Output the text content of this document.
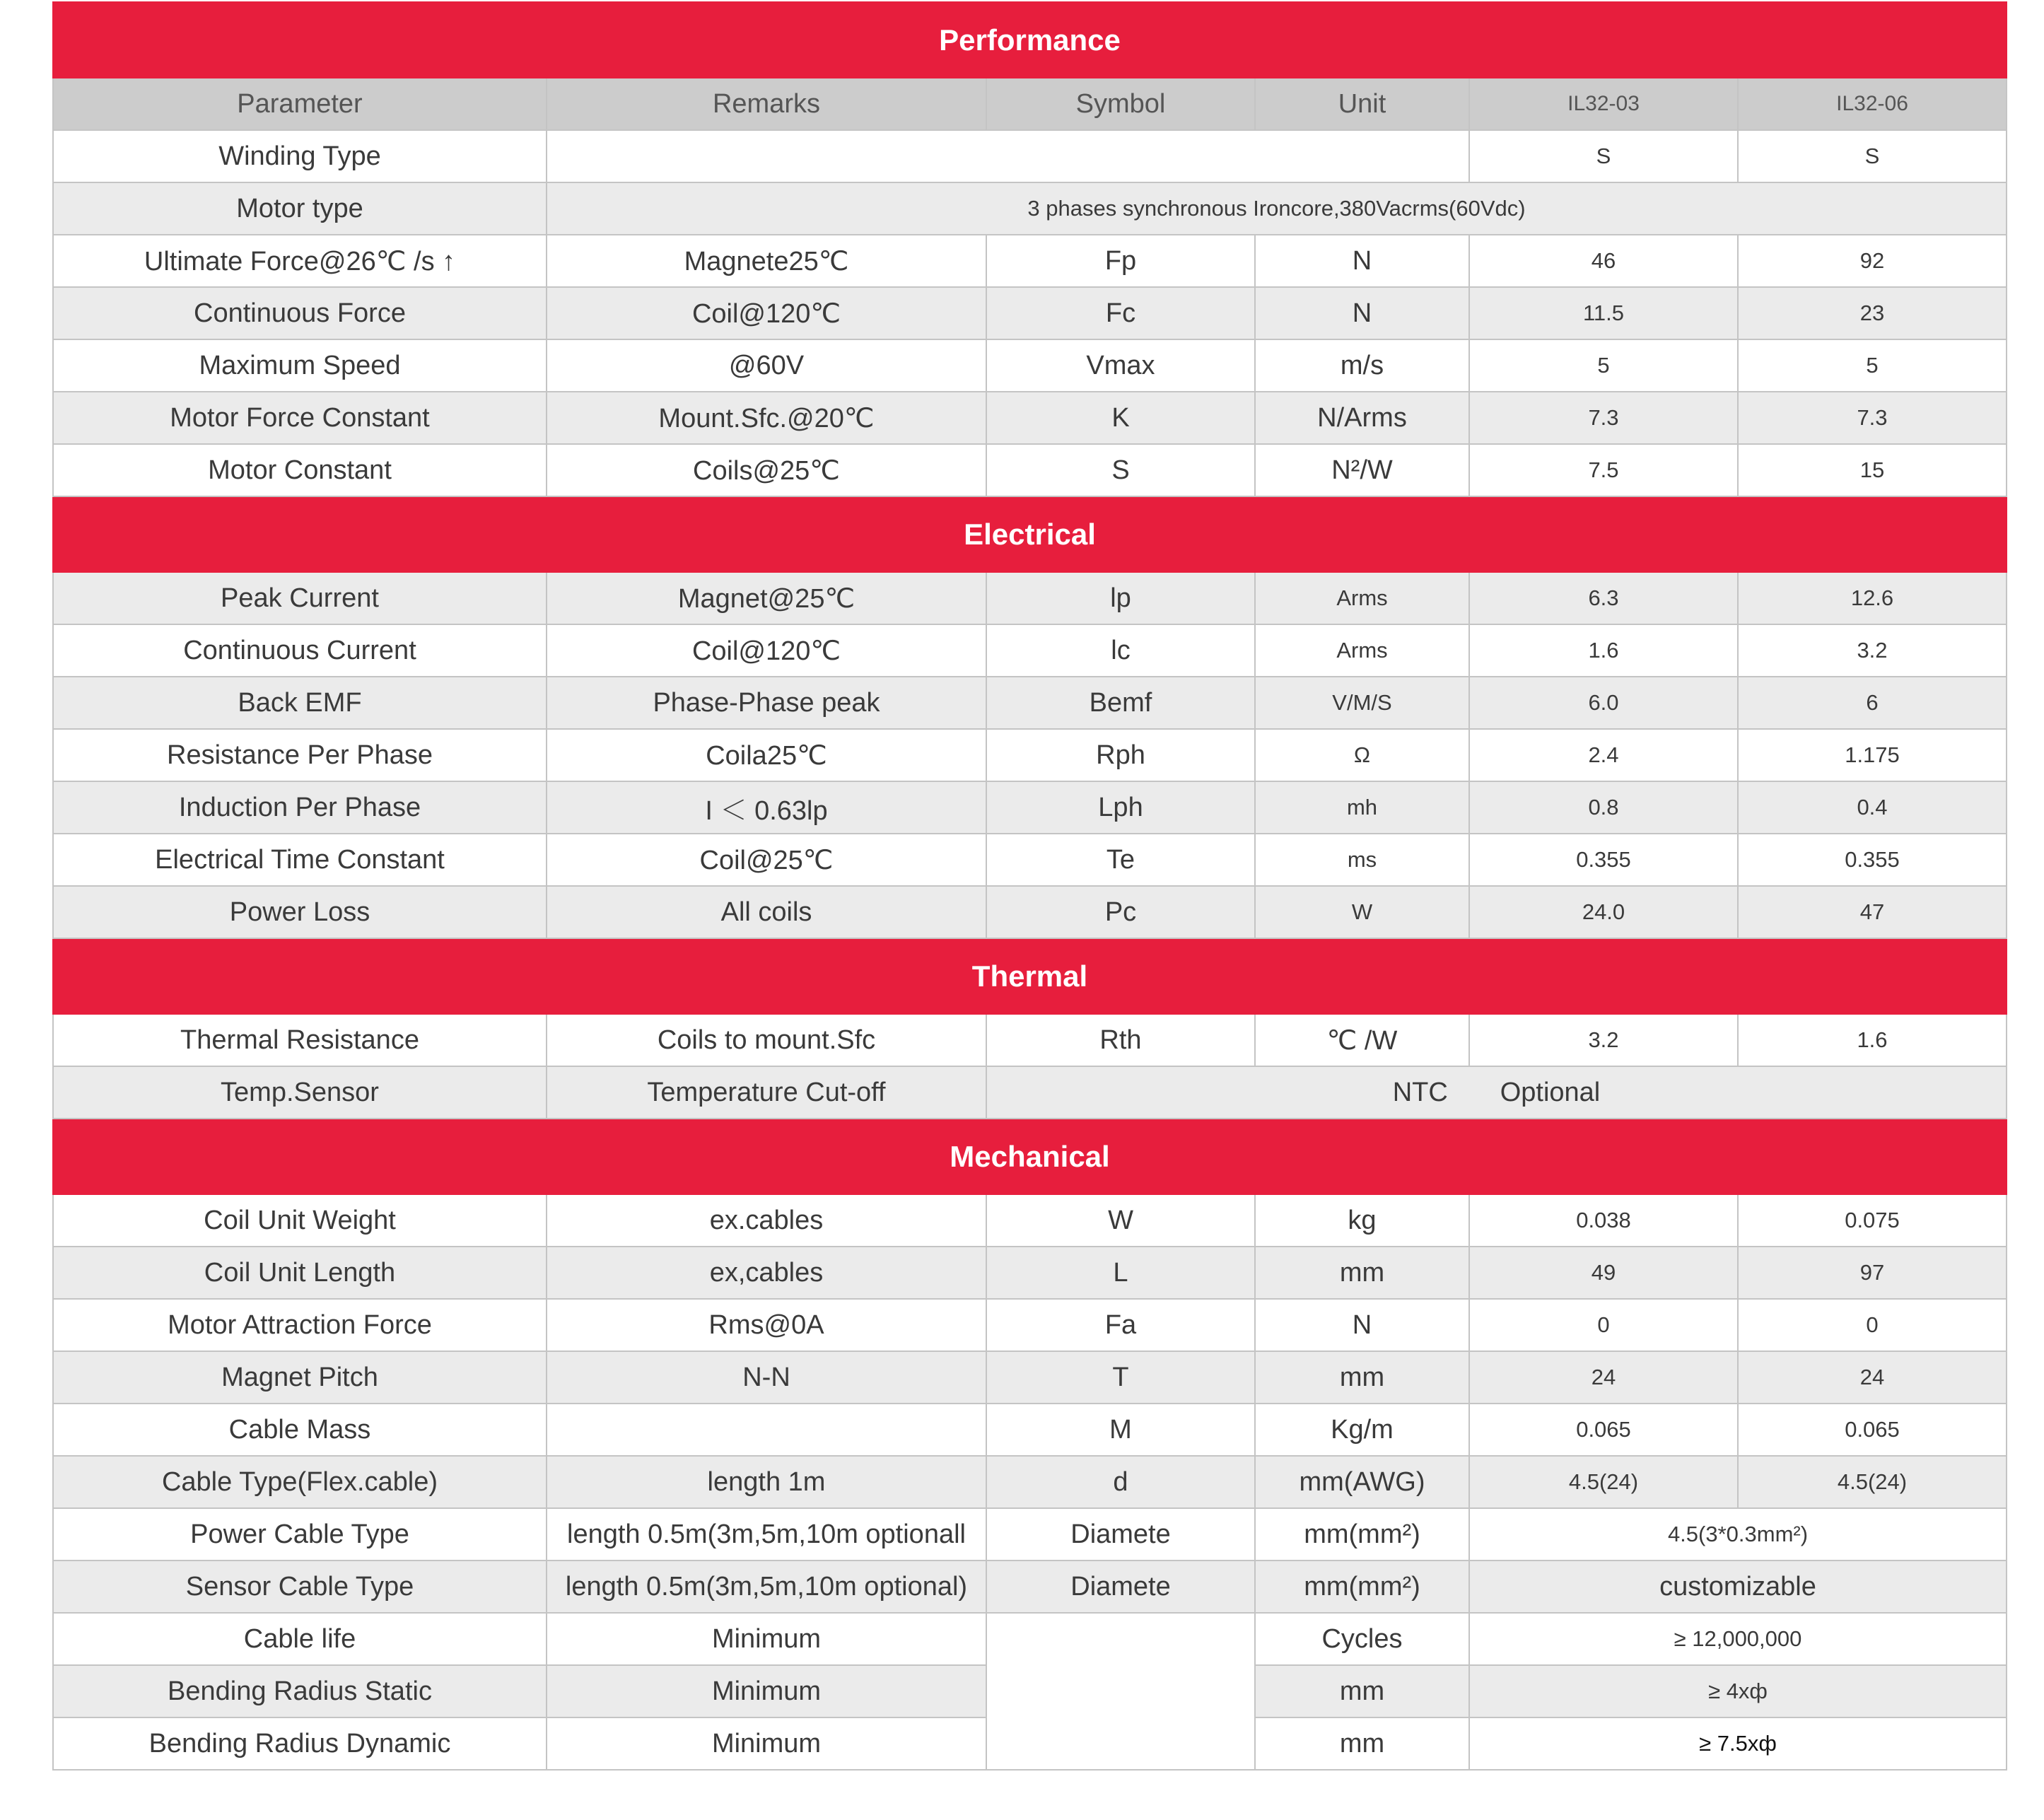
Performance					
Parameter	Remarks	Symbol	Unit	IL32-03	IL32-06
Winding Type				S	S
Motor type	3 phases synchronous Ironcore,380Vacrms(60Vdc)				
Ultimate Force@26℃ /s ↑	Magnete25℃	Fp	N	46	92
Continuous Force	Coil@120℃	Fc	N	11.5	23
Maximum Speed	@60V	Vmax	m/s	5	5
Motor Force Constant	Mount.Sfc.@20℃	K	N/Arms	7.3	7.3
Motor Constant	Coils@25℃	S	N²/W	7.5	15
Electrical					
Peak Current	Magnet@25℃	lp	Arms	6.3	12.6
Continuous Current	Coil@120℃	lc	Arms	1.6	3.2
Back EMF	Phase-Phase peak	Bemf	V/M/S	6.0	6
Resistance Per Phase	Coila25℃	Rph	Ω	2.4	1.175
Induction Per Phase	I ＜ 0.63lp	Lph	mh	0.8	0.4
Electrical Time Constant	Coil@25℃	Te	ms	0.355	0.355
Power Loss	All coils	Pc	W	24.0	47
Thermal					
Thermal Resistance	Coils to mount.Sfc	Rth	℃ /W	3.2	1.6
Temp.Sensor	Temperature Cut-off	NTC       Optional			
Mechanical					
Coil Unit Weight	ex.cables	W	kg	0.038	0.075
Coil Unit Length	ex,cables	L	mm	49	97
Motor Attraction Force	Rms@0A	Fa	N	0	0
Magnet Pitch	N-N	T	mm	24	24
Cable Mass		M	Kg/m	0.065	0.065
Cable Type(Flex.cable)	length 1m	d	mm(AWG)	4.5(24)	4.5(24)
Power Cable Type	length 0.5m(3m,5m,10m optionall	Diamete	mm(mm²)	4.5(3*0.3mm²)	
Sensor Cable Type	length 0.5m(3m,5m,10m optional)	Diamete	mm(mm²)	customizable	
Cable life	Minimum		Cycles	≥ 12,000,000	
Bending Radius Static	Minimum		mm	≥ 4xф	
Bending Radius Dynamic	Minimum		mm	≥ 7.5xф	
